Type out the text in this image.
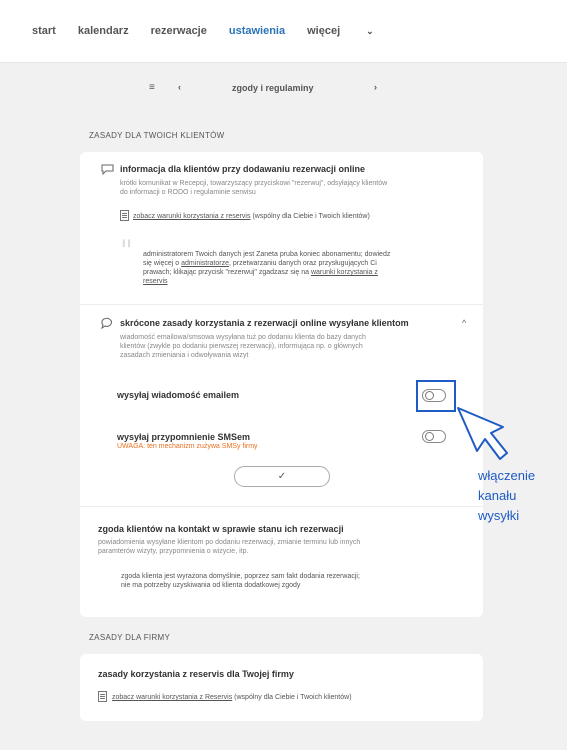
start kalendarz rezerwacje ustawienia więcej	⌄
≡	‹	zgody i regulaminy	›
ZASADY DLA TWOICH KLIENTÓW
informacja dla klientów przy dodawaniu rezerwacji online
krótki komunikat w Recepcji, towarzyszący przyciskowi "rezerwuj", odsyłający klientów
do informacji o RODO i regulaminie serwisu
zobacz warunki korzystania z reservis (wspólny dla Ciebie i Twoich klientów)
" administratorem Twoich danych jest Zaneta pruba koniec abonamentu; dowiedz
się więcej o administratorze, przetwarzaniu danych oraz przysługujących Ci
prawach; klikając przycisk "rezerwuj" zgadzasz się na warunki korzystania z
reservis
skrócone zasady korzystania z rezerwacji online wysyłane klientom	^
wiadomość emailowa/smsowa wysyłana tuż po dodaniu klienta do bazy danych
klientów (zwykle po dodaniu pierwszej rezerwacji), informująca np. o głównych
zasadach zmieniania i odwoływania wizyt
wysyłaj wiadomość emailem
wysyłaj przypomnienie SMSem
UWAGA: ten mechanizm zużywa SMSy firmy
zgoda klientów na kontakt w sprawie stanu ich rezerwacji
powiadomienia wysyłane klientom po dodaniu rezerwacji, zmianie terminu lub innych
paramterów wizyty, przypomnienia o wizycie, itp.
zgoda klienta jest wyrażona domyślnie, poprzez sam fakt dodania rezerwacji;
nie ma potrzeby uzyskiwania od klienta dodatkowej zgody
✓	włączenie
kanału
wysyłki
ZASADY DLA FIRMY
zasady korzystania z reservis dla Twojej firmy
zobacz warunki korzystania z Reservis (wspólny dla Ciebie i Twoich klientów)
